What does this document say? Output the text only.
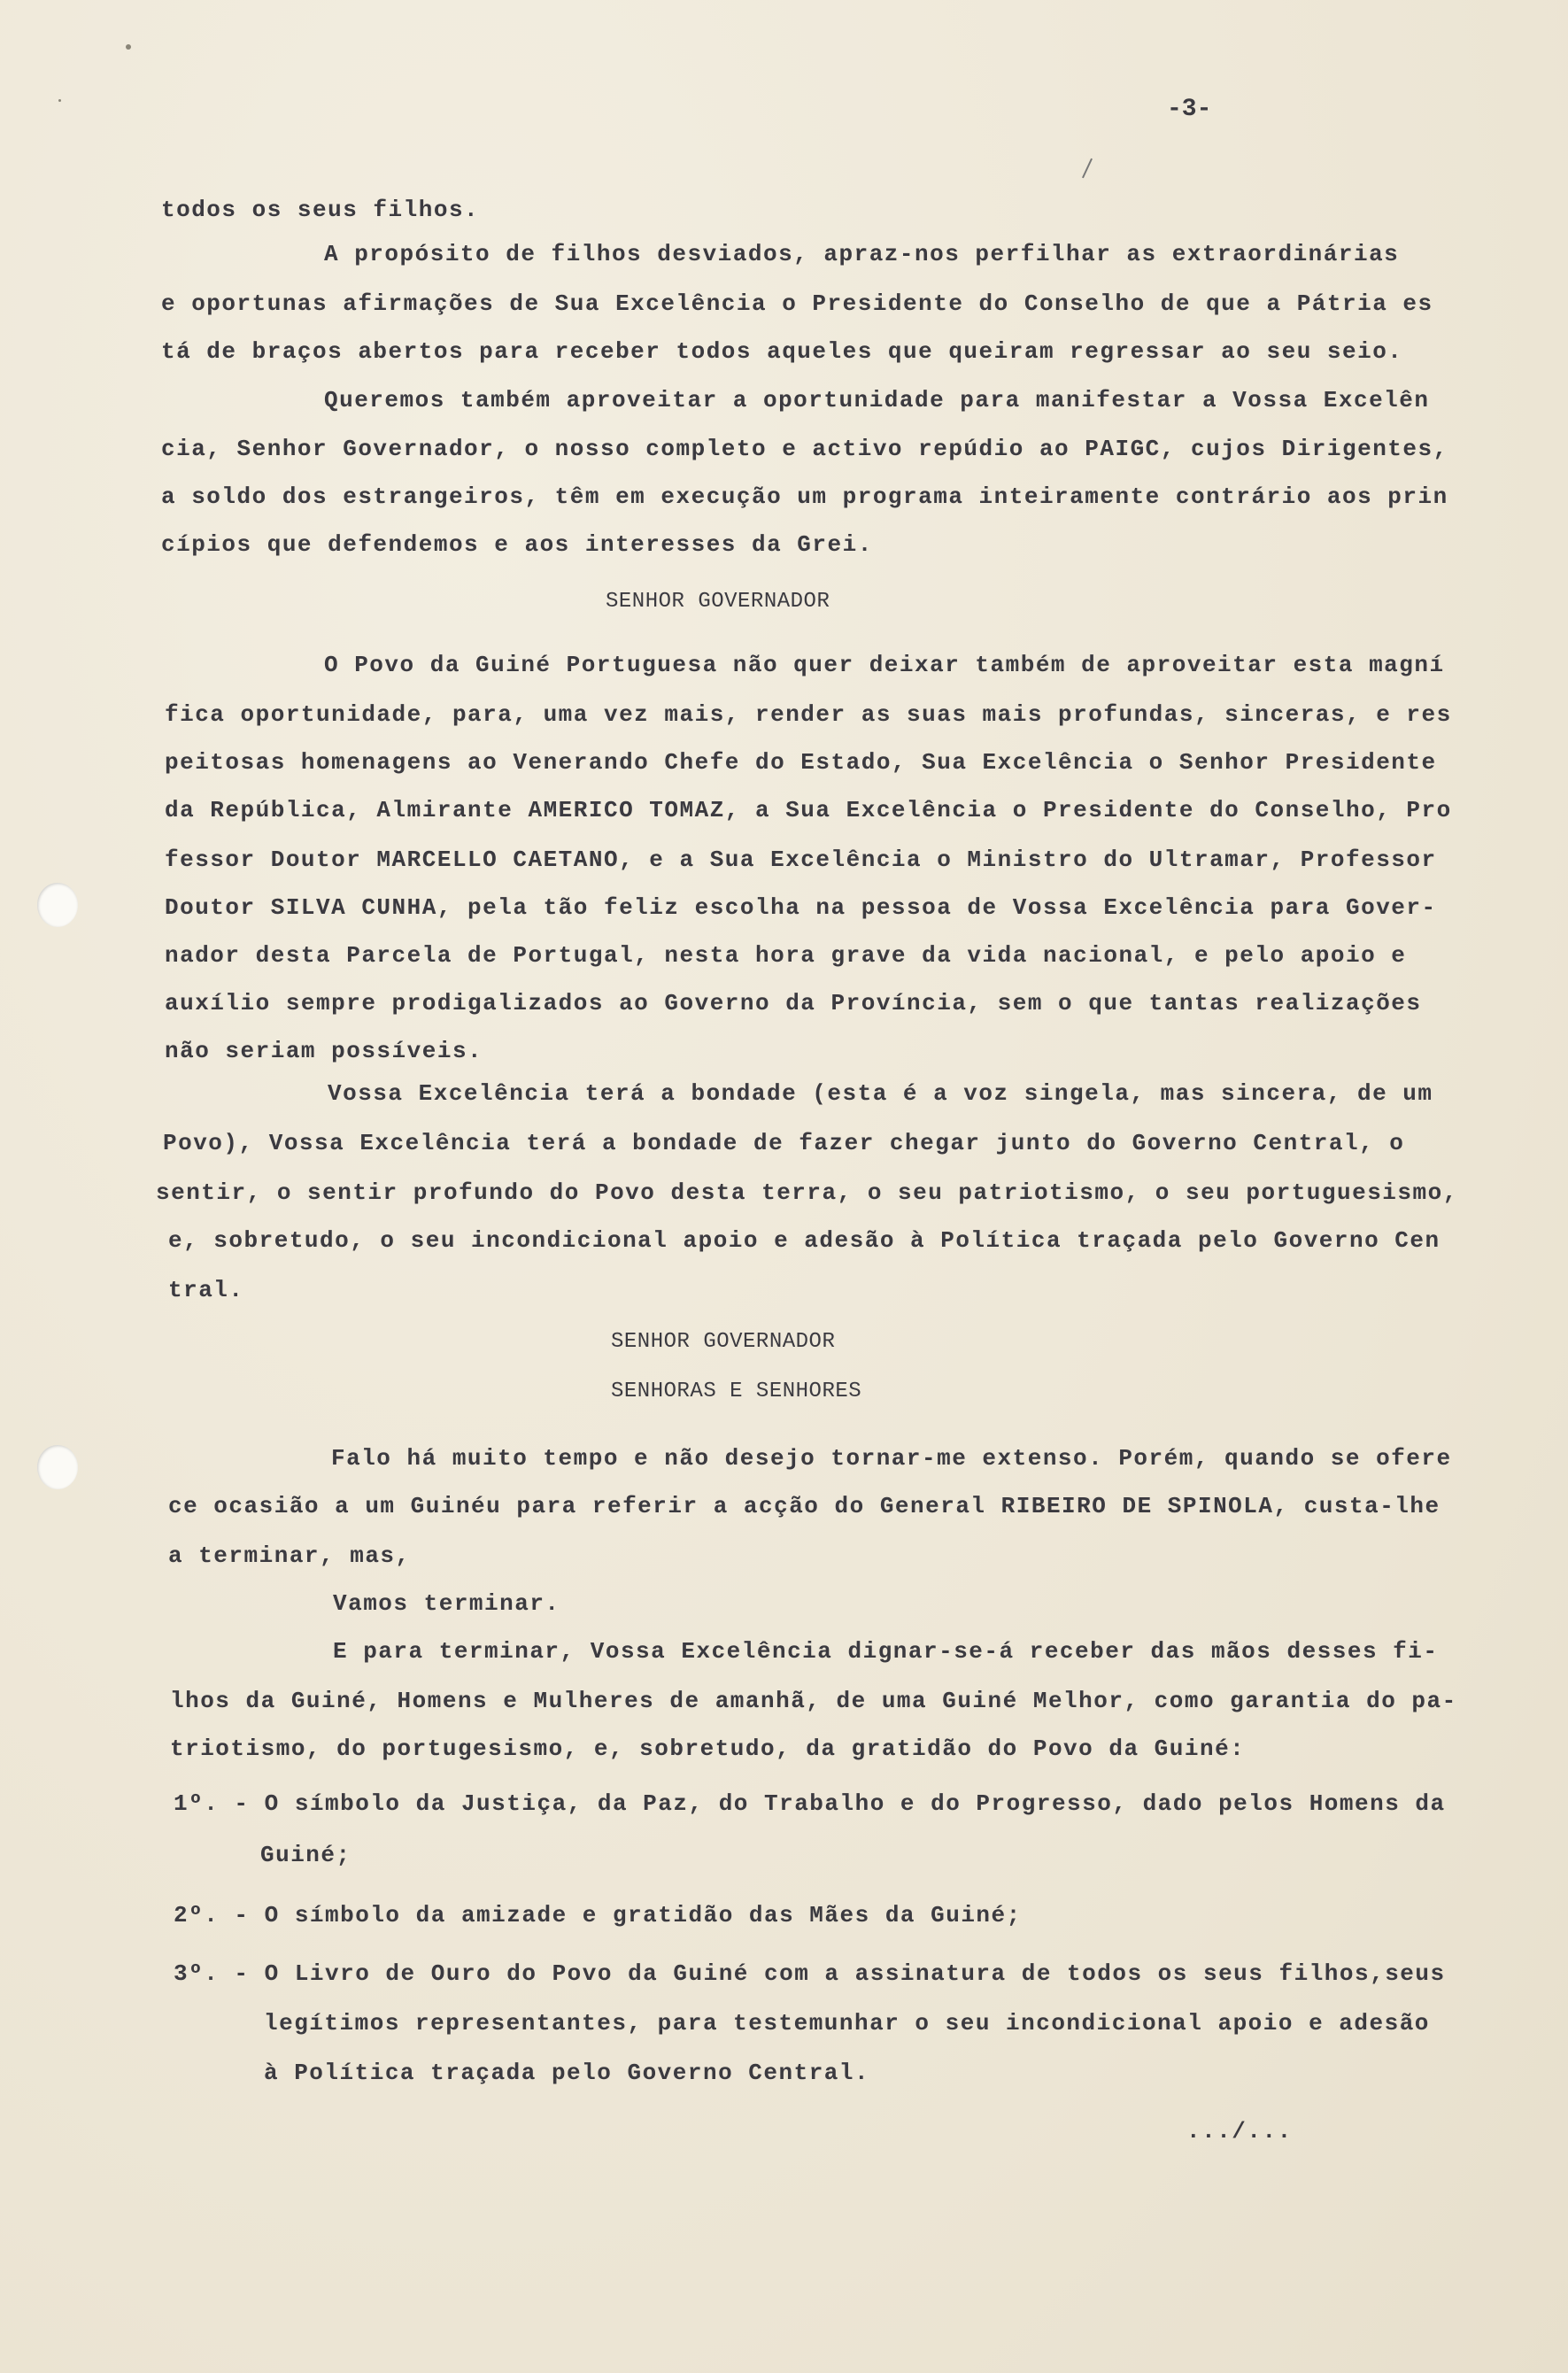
-3-
todos os seus filhos.
A propósito de filhos desviados, apraz-nos perfilhar as extraordinárias
e oportunas afirmações de Sua Excelência o Presidente do Conselho de que a Pátria es
tá de braços abertos para receber todos aqueles que queiram regressar ao seu seio.
Queremos também aproveitar a oportunidade para manifestar a Vossa Excelên
cia, Senhor Governador, o nosso completo e activo repúdio ao PAIGC, cujos Dirigentes,
a soldo dos estrangeiros, têm em execução um programa inteiramente contrário aos prin
cípios que defendemos e aos interesses da Grei.
SENHOR GOVERNADOR
O Povo da Guiné Portuguesa não quer deixar também de aproveitar esta magní
fica oportunidade, para, uma vez mais, render as suas mais profundas, sinceras, e res
peitosas homenagens ao Venerando Chefe do Estado, Sua Excelência o Senhor Presidente
da República, Almirante AMERICO TOMAZ, a Sua Excelência o Presidente do Conselho, Pro
fessor Doutor MARCELLO CAETANO, e a Sua Excelência o Ministro do Ultramar, Professor
Doutor SILVA CUNHA, pela tão feliz escolha na pessoa de Vossa Excelência para Gover-
nador desta Parcela de Portugal, nesta hora grave da vida nacional, e pelo apoio e
auxílio sempre prodigalizados ao Governo da Província, sem o que tantas realizações
não seriam possíveis.
Vossa Excelência terá a bondade (esta é a voz singela, mas sincera, de um
Povo), Vossa Excelência terá a bondade de fazer chegar junto do Governo Central, o
sentir, o sentir profundo do Povo desta terra, o seu patriotismo, o seu portuguesismo,
e, sobretudo, o seu incondicional apoio e adesão à Política traçada pelo Governo Cen
tral.
SENHOR GOVERNADOR
SENHORAS E SENHORES
Falo há muito tempo e não desejo tornar-me extenso. Porém, quando se ofere
ce ocasião a um Guinéu para referir a acção do General RIBEIRO DE SPINOLA, custa-lhe
a terminar, mas,
Vamos terminar.
E para terminar, Vossa Excelência dignar-se-á receber das mãos desses fi-
lhos da Guiné, Homens e Mulheres de amanhã, de uma Guiné Melhor, como garantia do pa-
triotismo, do portugesismo, e, sobretudo, da gratidão do Povo da Guiné:
1º. - O símbolo da Justiça, da Paz, do Trabalho e do Progresso, dado pelos Homens da
Guiné;
2º. - O símbolo da amizade e gratidão das Mães da Guiné;
3º. - O Livro de Ouro do Povo da Guiné com a assinatura de todos os seus filhos,seus
legítimos representantes, para testemunhar o seu incondicional apoio e adesão
à Política traçada pelo Governo Central.
.../...
